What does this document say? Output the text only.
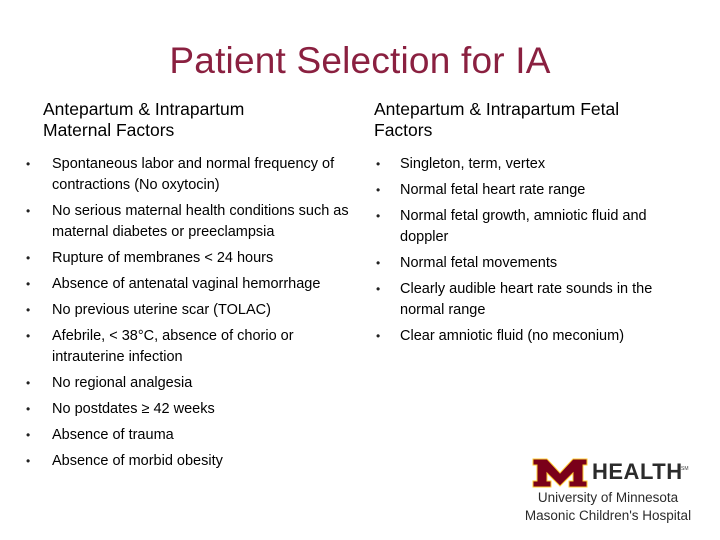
Patient Selection for IA
Antepartum & Intrapartum
Maternal Factors
Antepartum & Intrapartum Fetal
Factors
• Spontaneous labor and normal frequency of contractions (No oxytocin)
• No serious maternal health conditions such as maternal diabetes or preeclampsia
• Rupture of membranes < 24 hours
• Absence of antenatal vaginal hemorrhage
• No previous uterine scar (TOLAC)
• Afebrile, < 38°C, absence of chorio or intrauterine infection
• No regional analgesia
• No postdates ≥ 42 weeks
• Absence of trauma
• Absence of morbid obesity
• Singleton, term, vertex
• Normal fetal heart rate range
• Normal fetal growth, amniotic fluid and doppler
• Normal fetal movements
• Clearly audible heart rate sounds in the normal range
• Clear amniotic fluid (no meconium)
HEALTH
SM
University of Minnesota
Masonic Children's Hospital
